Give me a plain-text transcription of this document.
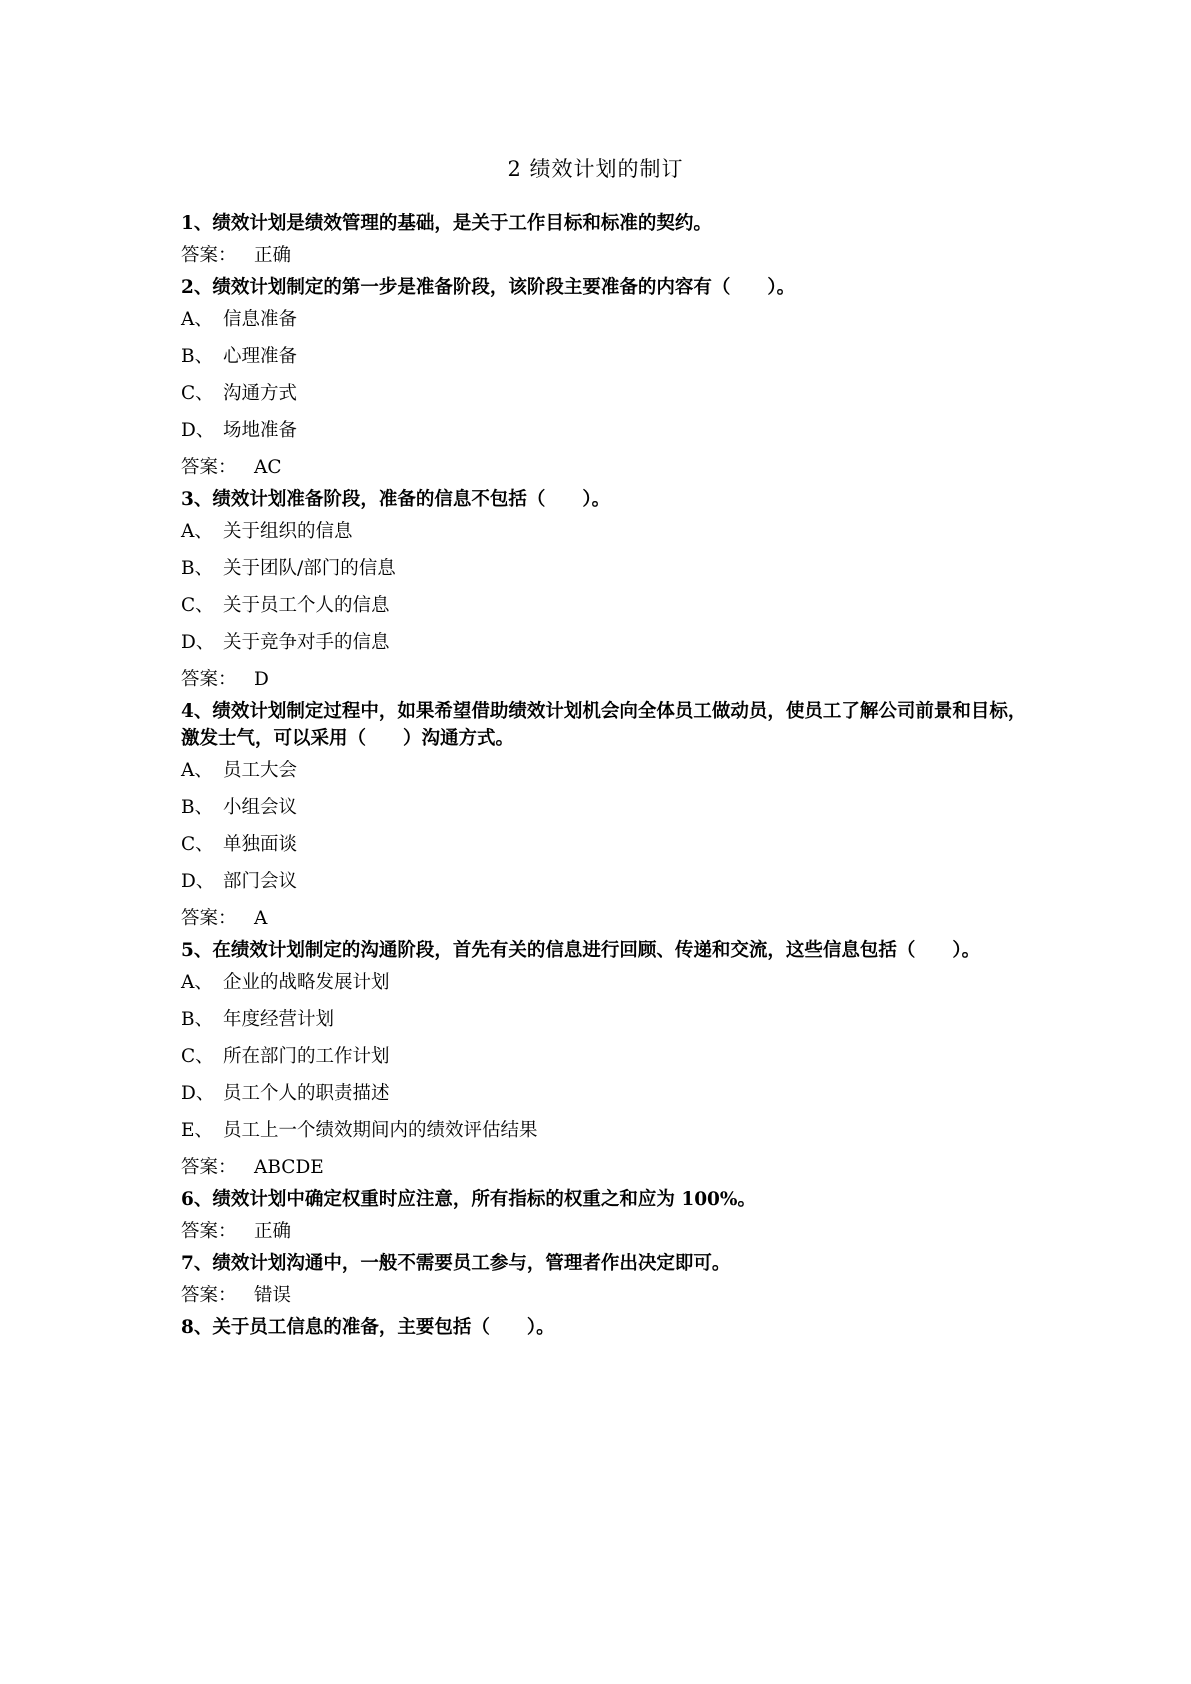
2 绩效计划的制订
1、绩效计划是绩效管理的基础，是关于工作目标和标准的契约。
答案： 正确
2、绩效计划制定的第一步是准备阶段，该阶段主要准备的内容有（　　）。
A、 信息准备
B、 心理准备
C、 沟通方式
D、 场地准备
答案： AC
3、绩效计划准备阶段，准备的信息不包括（　　）。
A、 关于组织的信息
B、 关于团队/部门的信息
C、 关于员工个人的信息
D、 关于竞争对手的信息
答案： D
4、绩效计划制定过程中，如果希望借助绩效计划机会向全体员工做动员，使员工了解公司前景和目标，激发士气，可以采用（　　）沟通方式。
A、 员工大会
B、 小组会议
C、 单独面谈
D、 部门会议
答案： A
5、在绩效计划制定的沟通阶段，首先有关的信息进行回顾、传递和交流，这些信息包括（　　）。
A、 企业的战略发展计划
B、 年度经营计划
C、 所在部门的工作计划
D、 员工个人的职责描述
E、 员工上一个绩效期间内的绩效评估结果
答案： ABCDE
6、绩效计划中确定权重时应注意，所有指标的权重之和应为 100%。
答案： 正确
7、绩效计划沟通中，一般不需要员工参与，管理者作出决定即可。
答案： 错误
8、关于员工信息的准备，主要包括（　　）。
